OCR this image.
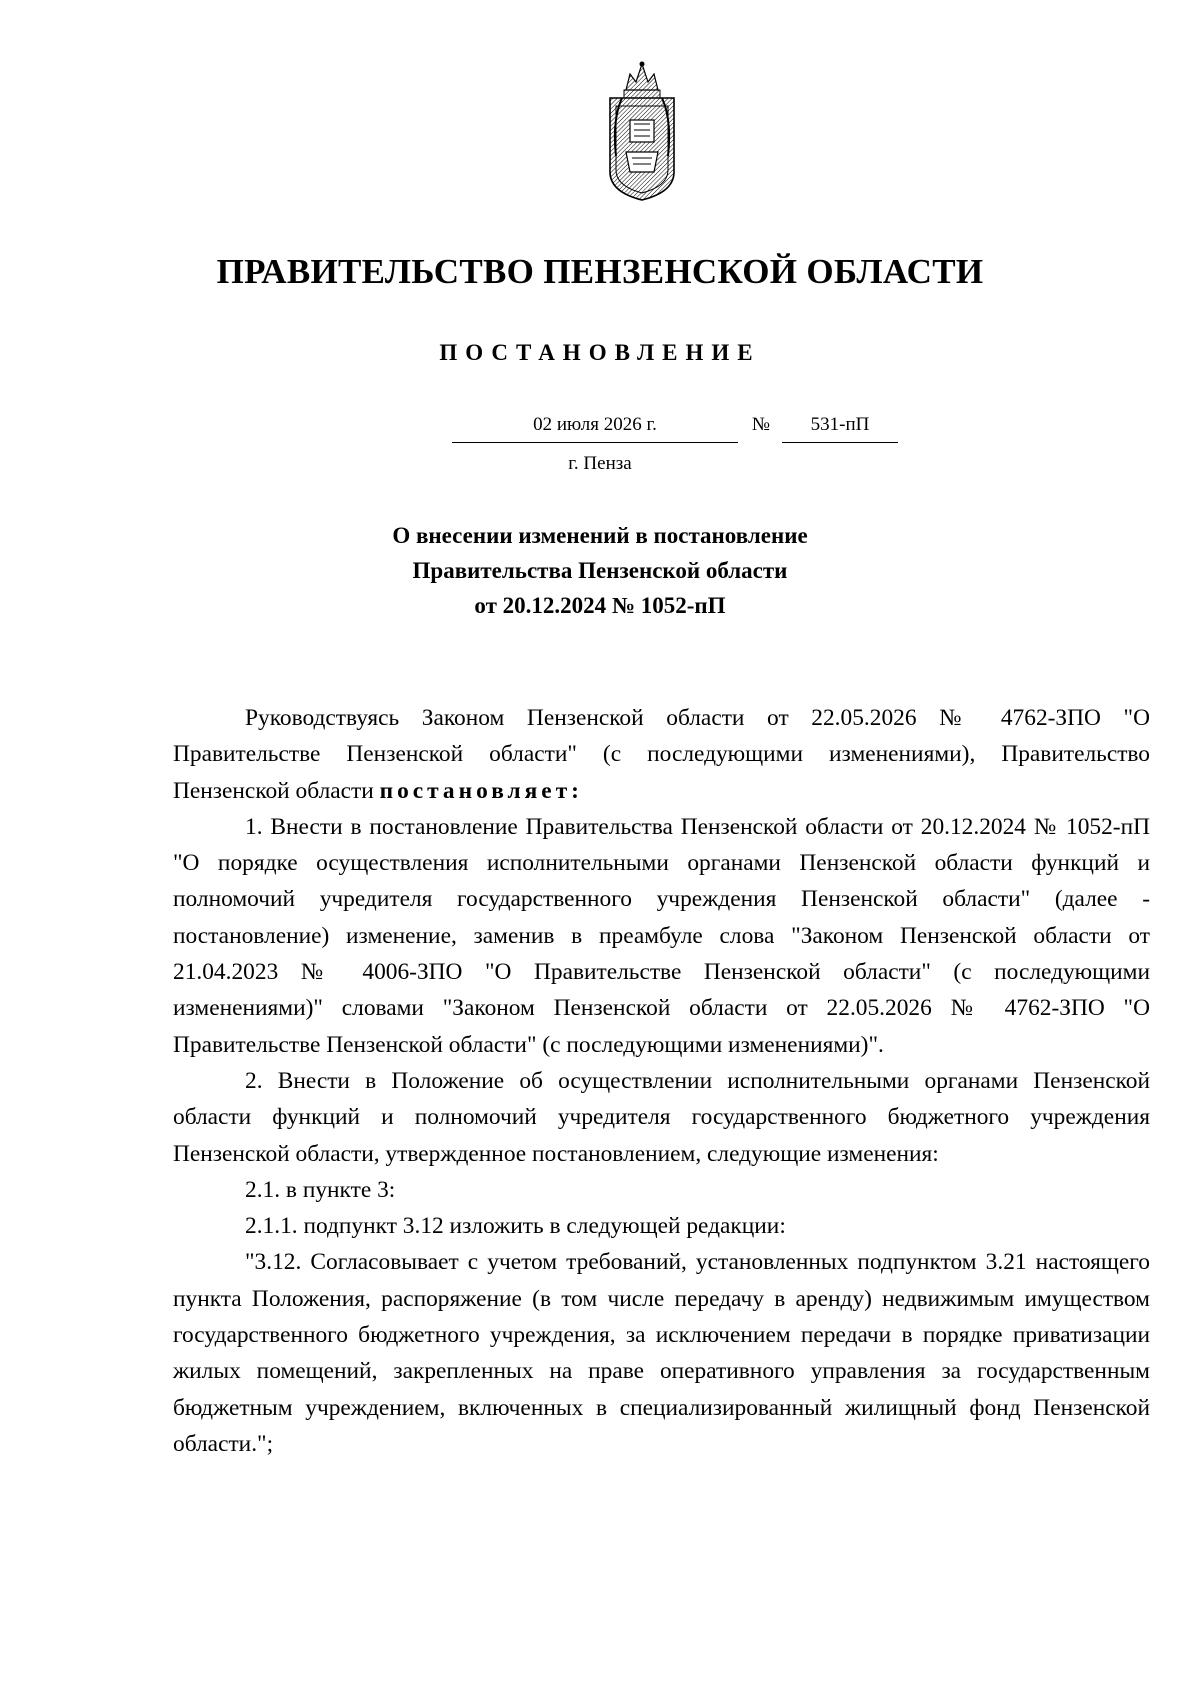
ПРАВИТЕЛЬСТВО ПЕНЗЕНСКОЙ ОБЛАСТИ
ПОСТАНОВЛЕНИЕ
02 июля 2026 г.	№	531-пП
г. Пенза
О внесении изменений в постановление
Правительства Пензенской области
от 20.12.2024 № 1052-пП

Руководствуясь Законом Пензенской области от 22.05.2026 № 4762-ЗПО "О Правительстве Пензенской области" (с последующими изменениями), Правительство Пензенской области постановляет:

1. Внести в постановление Правительства Пензенской области от 20.12.2024 № 1052-пП "О порядке осуществления исполнительными органами Пензенской области функций и полномочий учредителя государственного учреждения Пензенской области" (далее - постановление) изменение, заменив в преамбуле слова "Законом Пензенской области от 21.04.2023 № 4006-ЗПО "О Правительстве Пензенской области" (с последующими изменениями)" словами "Законом Пензенской области от 22.05.2026 № 4762-ЗПО "О Правительстве Пензенской области" (с последующими изменениями)".

2. Внести в Положение об осуществлении исполнительными органами Пензенской области функций и полномочий учредителя государственного бюджетного учреждения Пензенской области, утвержденное постановлением, следующие изменения:

2.1. в пункте 3:

2.1.1. подпункт 3.12 изложить в следующей редакции:

"3.12. Согласовывает с учетом требований, установленных подпунктом 3.21 настоящего пункта Положения, распоряжение (в том числе передачу в аренду) недвижимым имуществом государственного бюджетного учреждения, за исключением передачи в порядке приватизации жилых помещений, закрепленных на праве оперативного управления за государственным бюджетным учреждением, включенных в специализированный жилищный фонд Пензенской области.";
